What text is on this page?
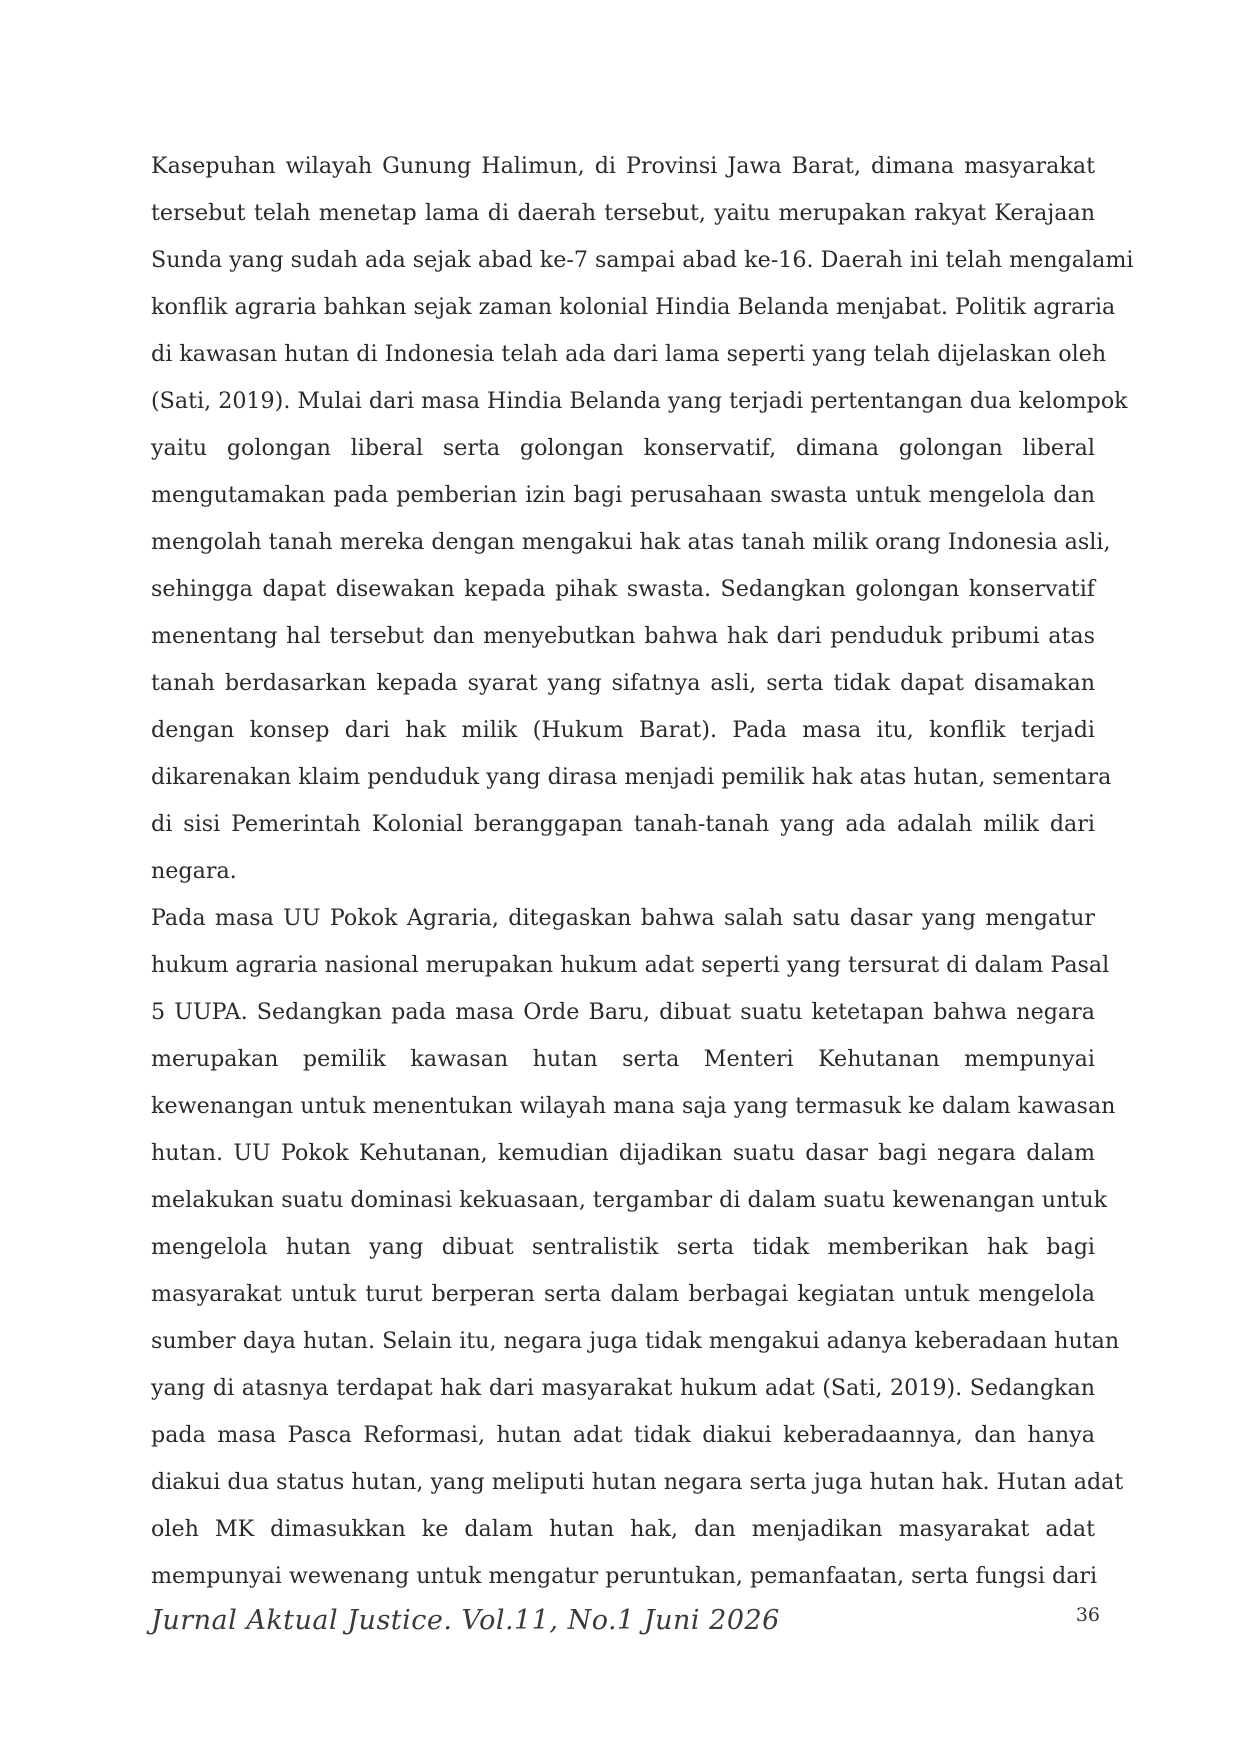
Kasepuhan wilayah Gunung Halimun, di Provinsi Jawa Barat, dimana masyarakat
tersebut telah menetap lama di daerah tersebut, yaitu merupakan rakyat Kerajaan
Sunda yang sudah ada sejak abad ke-7 sampai abad ke-16. Daerah ini telah mengalami
konflik agraria bahkan sejak zaman kolonial Hindia Belanda menjabat. Politik agraria
di kawasan hutan di Indonesia telah ada dari lama seperti yang telah dijelaskan oleh
(Sati, 2019). Mulai dari masa Hindia Belanda yang terjadi pertentangan dua kelompok
yaitu golongan liberal serta golongan konservatif, dimana golongan liberal
mengutamakan pada pemberian izin bagi perusahaan swasta untuk mengelola dan
mengolah tanah mereka dengan mengakui hak atas tanah milik orang Indonesia asli,
sehingga dapat disewakan kepada pihak swasta. Sedangkan golongan konservatif
menentang hal tersebut dan menyebutkan bahwa hak dari penduduk pribumi atas
tanah berdasarkan kepada syarat yang sifatnya asli, serta tidak dapat disamakan
dengan konsep dari hak milik (Hukum Barat). Pada masa itu, konflik terjadi
dikarenakan klaim penduduk yang dirasa menjadi pemilik hak atas hutan, sementara
di sisi Pemerintah Kolonial beranggapan tanah-tanah yang ada adalah milik dari
negara.
Pada masa UU Pokok Agraria, ditegaskan bahwa salah satu dasar yang mengatur
hukum agraria nasional merupakan hukum adat seperti yang tersurat di dalam Pasal
5 UUPA. Sedangkan pada masa Orde Baru, dibuat suatu ketetapan bahwa negara
merupakan pemilik kawasan hutan serta Menteri Kehutanan mempunyai
kewenangan untuk menentukan wilayah mana saja yang termasuk ke dalam kawasan
hutan. UU Pokok Kehutanan, kemudian dijadikan suatu dasar bagi negara dalam
melakukan suatu dominasi kekuasaan, tergambar di dalam suatu kewenangan untuk
mengelola hutan yang dibuat sentralistik serta tidak memberikan hak bagi
masyarakat untuk turut berperan serta dalam berbagai kegiatan untuk mengelola
sumber daya hutan. Selain itu, negara juga tidak mengakui adanya keberadaan hutan
yang di atasnya terdapat hak dari masyarakat hukum adat (Sati, 2019). Sedangkan
pada masa Pasca Reformasi, hutan adat tidak diakui keberadaannya, dan hanya
diakui dua status hutan, yang meliputi hutan negara serta juga hutan hak. Hutan adat
oleh MK dimasukkan ke dalam hutan hak, dan menjadikan masyarakat adat
mempunyai wewenang untuk mengatur peruntukan, pemanfaatan, serta fungsi dari
36
Jurnal Aktual Justice. Vol.11, No.1 Juni 2026
